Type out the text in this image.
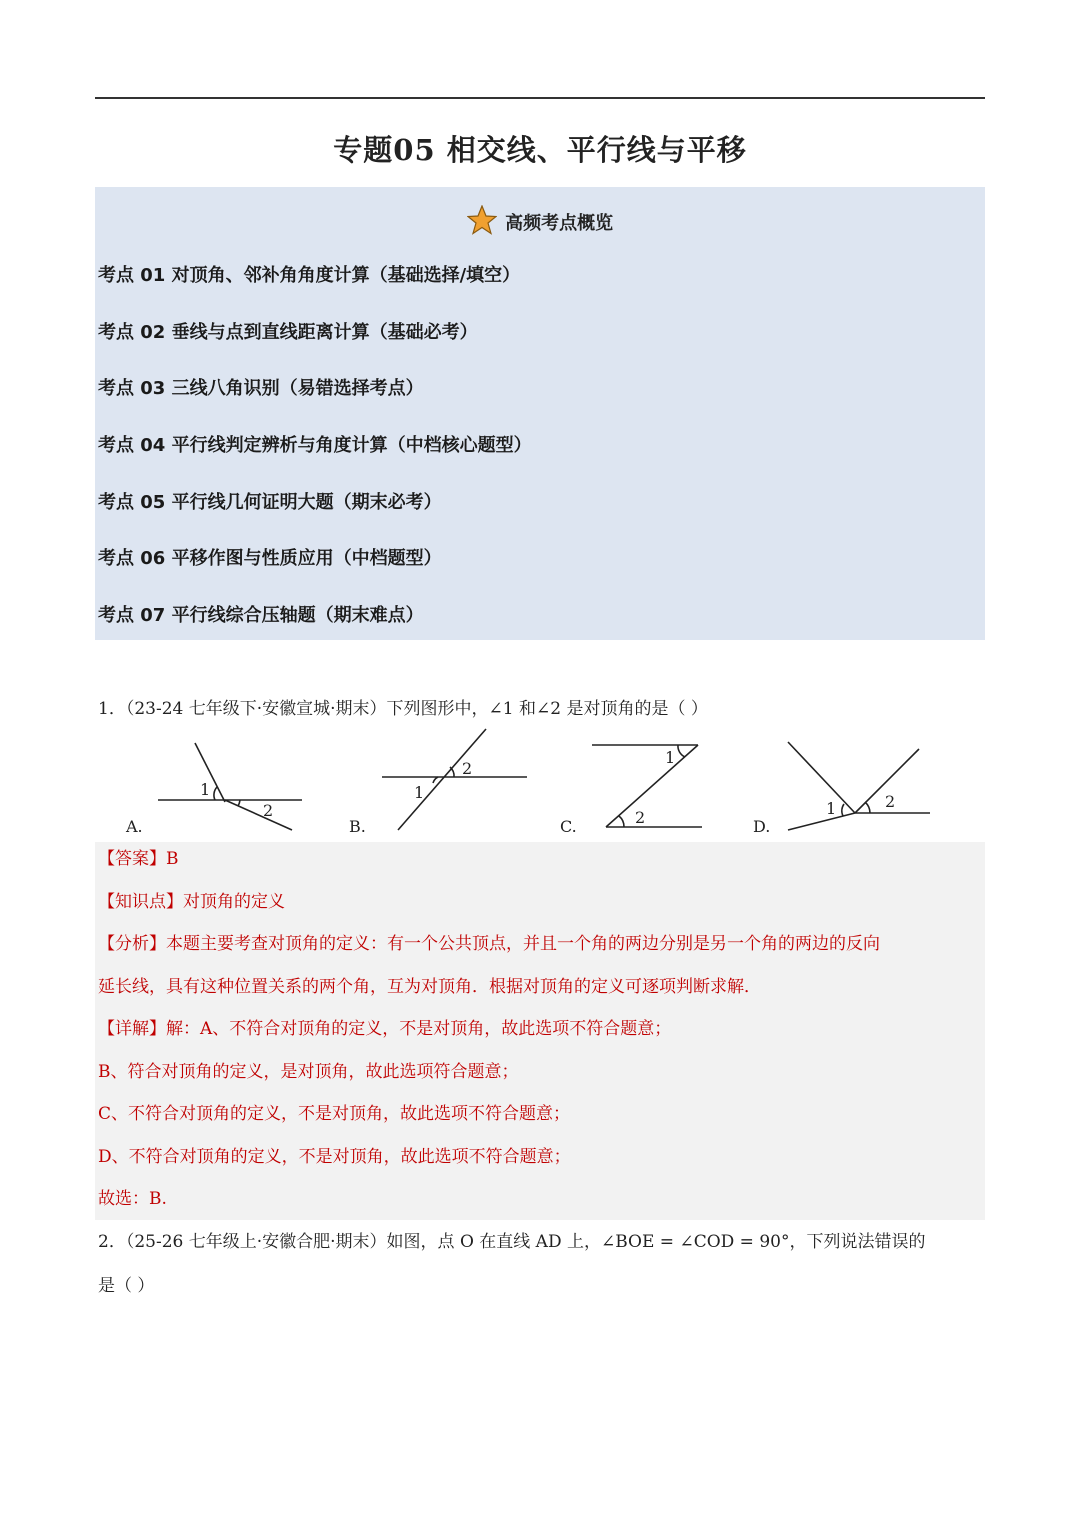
专题05 相交线、平行线与平移
高频考点概览
考点 01 对顶角、邻补角角度计算（基础选择/填空）
考点 02 垂线与点到直线距离计算（基础必考）
考点 03 三线八角识别（易错选择考点）
考点 04 平行线判定辨析与角度计算（中档核心题型）
考点 05 平行线几何证明大题（期末必考）
考点 06 平移作图与性质应用（中档题型）
考点 07 平行线综合压轴题（期末难点）
1．（23-24 七年级下·安徽宣城·期末）下列图形中，∠1 和∠2 是对顶角的是（ ）
1
2
A.
1
2
B.
1
2
C.
1	2
D.
【答案】B
【知识点】对顶角的定义
【分析】本题主要考查对顶角的定义：有一个公共顶点，并且一个角的两边分别是另一个角的两边的反向
延长线，具有这种位置关系的两个角，互为对顶角．根据对顶角的定义可逐项判断求解．
【详解】解：A、不符合对顶角的定义，不是对顶角，故此选项不符合题意；
B、符合对顶角的定义，是对顶角，故此选项符合题意；
C、不符合对顶角的定义，不是对顶角，故此选项不符合题意；
D、不符合对顶角的定义，不是对顶角，故此选项不符合题意；
故选：B.
2．（25-26 七年级上·安徽合肥·期末）如图，点 O 在直线 AD 上，∠BOE = ∠COD = 90°，下列说法错误的
是（ ）
